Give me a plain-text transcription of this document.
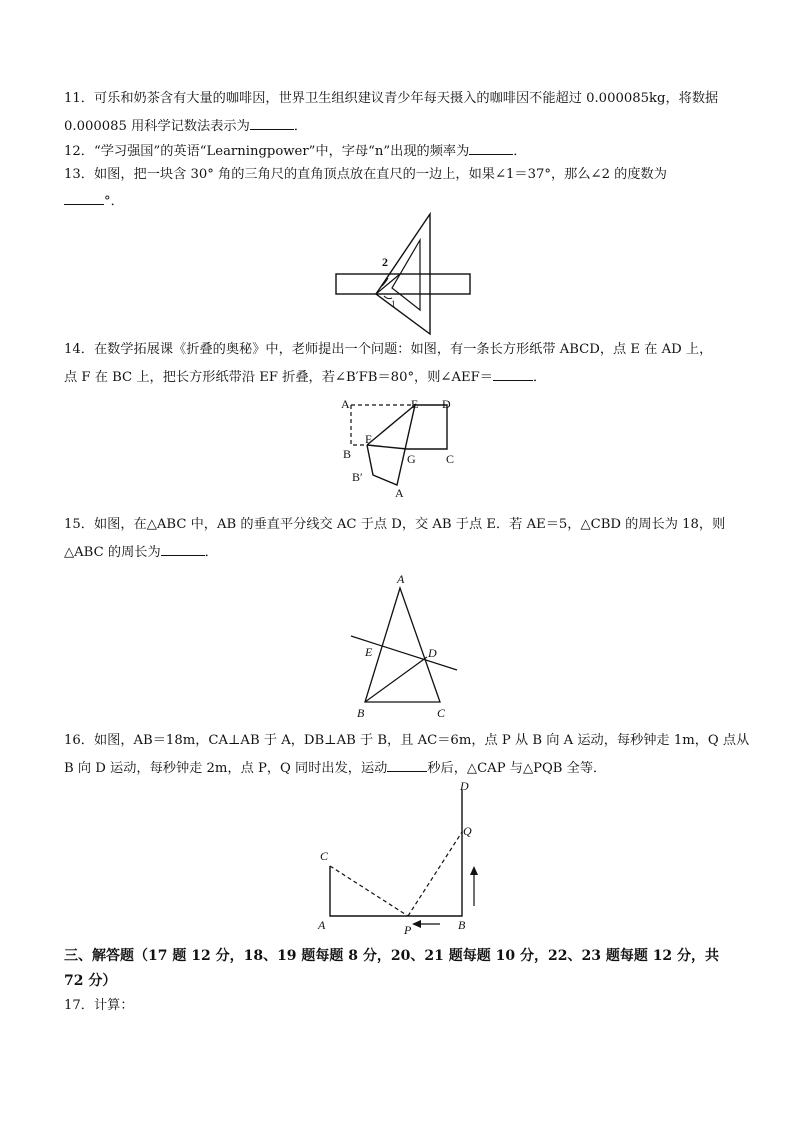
11．可乐和奶茶含有大量的咖啡因，世界卫生组织建议青少年每天摄入的咖啡因不能超过 0.000085kg，将数据
0.000085 用科学记数法表示为	．
12．“学习强国”的英语“Learningpower”中，字母“n”出现的频率为	．
13．如图，把一块含 30° 角的三角尺的直角顶点放在直尺的一边上，如果∠1＝37°，那么∠2 的度数为
°．
2
1
14．在数学拓展课《折叠的奥秘》中，老师提出一个问题：如图，有一条长方形纸带 ABCD，点 E 在 AD 上，
点 F 在 BC 上，把长方形纸带沿 EF 折叠，若∠B′FB＝80°，则∠AEF＝	．
A	E D
F
B	G	C
B′
A
15．如图，在△ABC 中，AB 的垂直平分线交 AC 于点 D，交 AB 于点 E．若 AE＝5，△CBD 的周长为 18，则
△ABC 的周长为	．
A
E	D
B	C
16．如图，AB＝18m，CA⊥AB 于 A，DB⊥AB 于 B，且 AC＝6m，点 P 从 B 向 A 运动，每秒钟走 1m，Q 点从
B 向 D 运动，每秒钟走 2m，点 P，Q 同时出发，运动	秒后，△CAP 与△PQB 全等．
D
Q
C
A	P	B
三、解答题（17 题 12 分，18、19 题每题 8 分，20、21 题每题 10 分，22、23 题每题 12 分，共
72 分）
17．计算：
